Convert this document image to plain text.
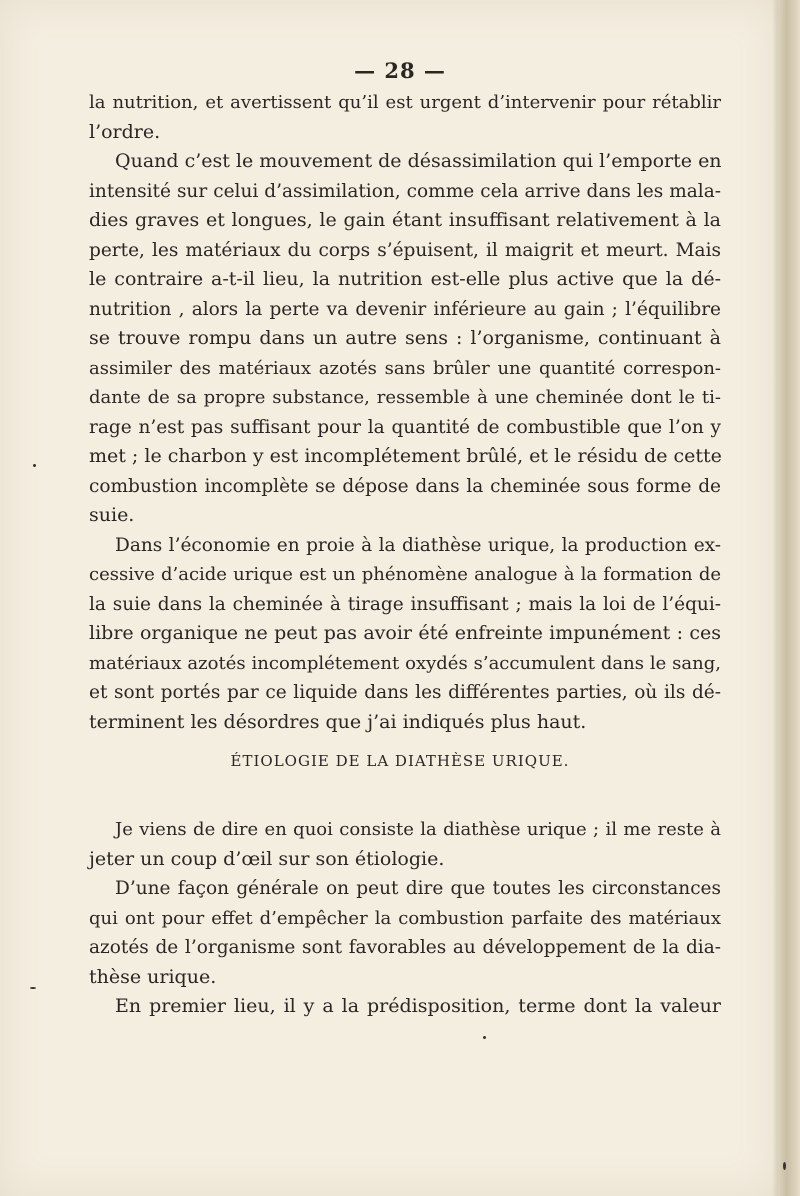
— 28 —
la nutrition, et avertissent qu’il est urgent d’intervenir pour rétablir
l’ordre.
Quand c’est le mouvement de désassimilation qui l’emporte en
intensité sur celui d’assimilation, comme cela arrive dans les mala-
dies graves et longues, le gain étant insuffisant relativement à la
perte, les matériaux du corps s’épuisent, il maigrit et meurt. Mais
le contraire a-t-il lieu, la nutrition est-elle plus active que la dé-
nutrition , alors la perte va devenir inférieure au gain ; l’équilibre
se trouve rompu dans un autre sens : l’organisme, continuant à
assimiler des matériaux azotés sans brûler une quantité correspon-
dante de sa propre substance, ressemble à une cheminée dont le ti-
rage n’est pas suffisant pour la quantité de combustible que l’on y
met ; le charbon y est incomplétement brûlé, et le résidu de cette
combustion incomplète se dépose dans la cheminée sous forme de
suie.
Dans l’économie en proie à la diathèse urique, la production ex-
cessive d’acide urique est un phénomène analogue à la formation de
la suie dans la cheminée à tirage insuffisant ; mais la loi de l’équi-
libre organique ne peut pas avoir été enfreinte impunément : ces
matériaux azotés incomplétement oxydés s’accumulent dans le sang,
et sont portés par ce liquide dans les différentes parties, où ils dé-
terminent les désordres que j’ai indiqués plus haut.
ÉTIOLOGIE DE LA DIATHÈSE URIQUE.
Je viens de dire en quoi consiste la diathèse urique ; il me reste à
jeter un coup d’œil sur son étiologie.
D’une façon générale on peut dire que toutes les circonstances
qui ont pour effet d’empêcher la combustion parfaite des matériaux
azotés de l’organisme sont favorables au développement de la dia-
thèse urique.
En premier lieu, il y a la prédisposition, terme dont la valeur
